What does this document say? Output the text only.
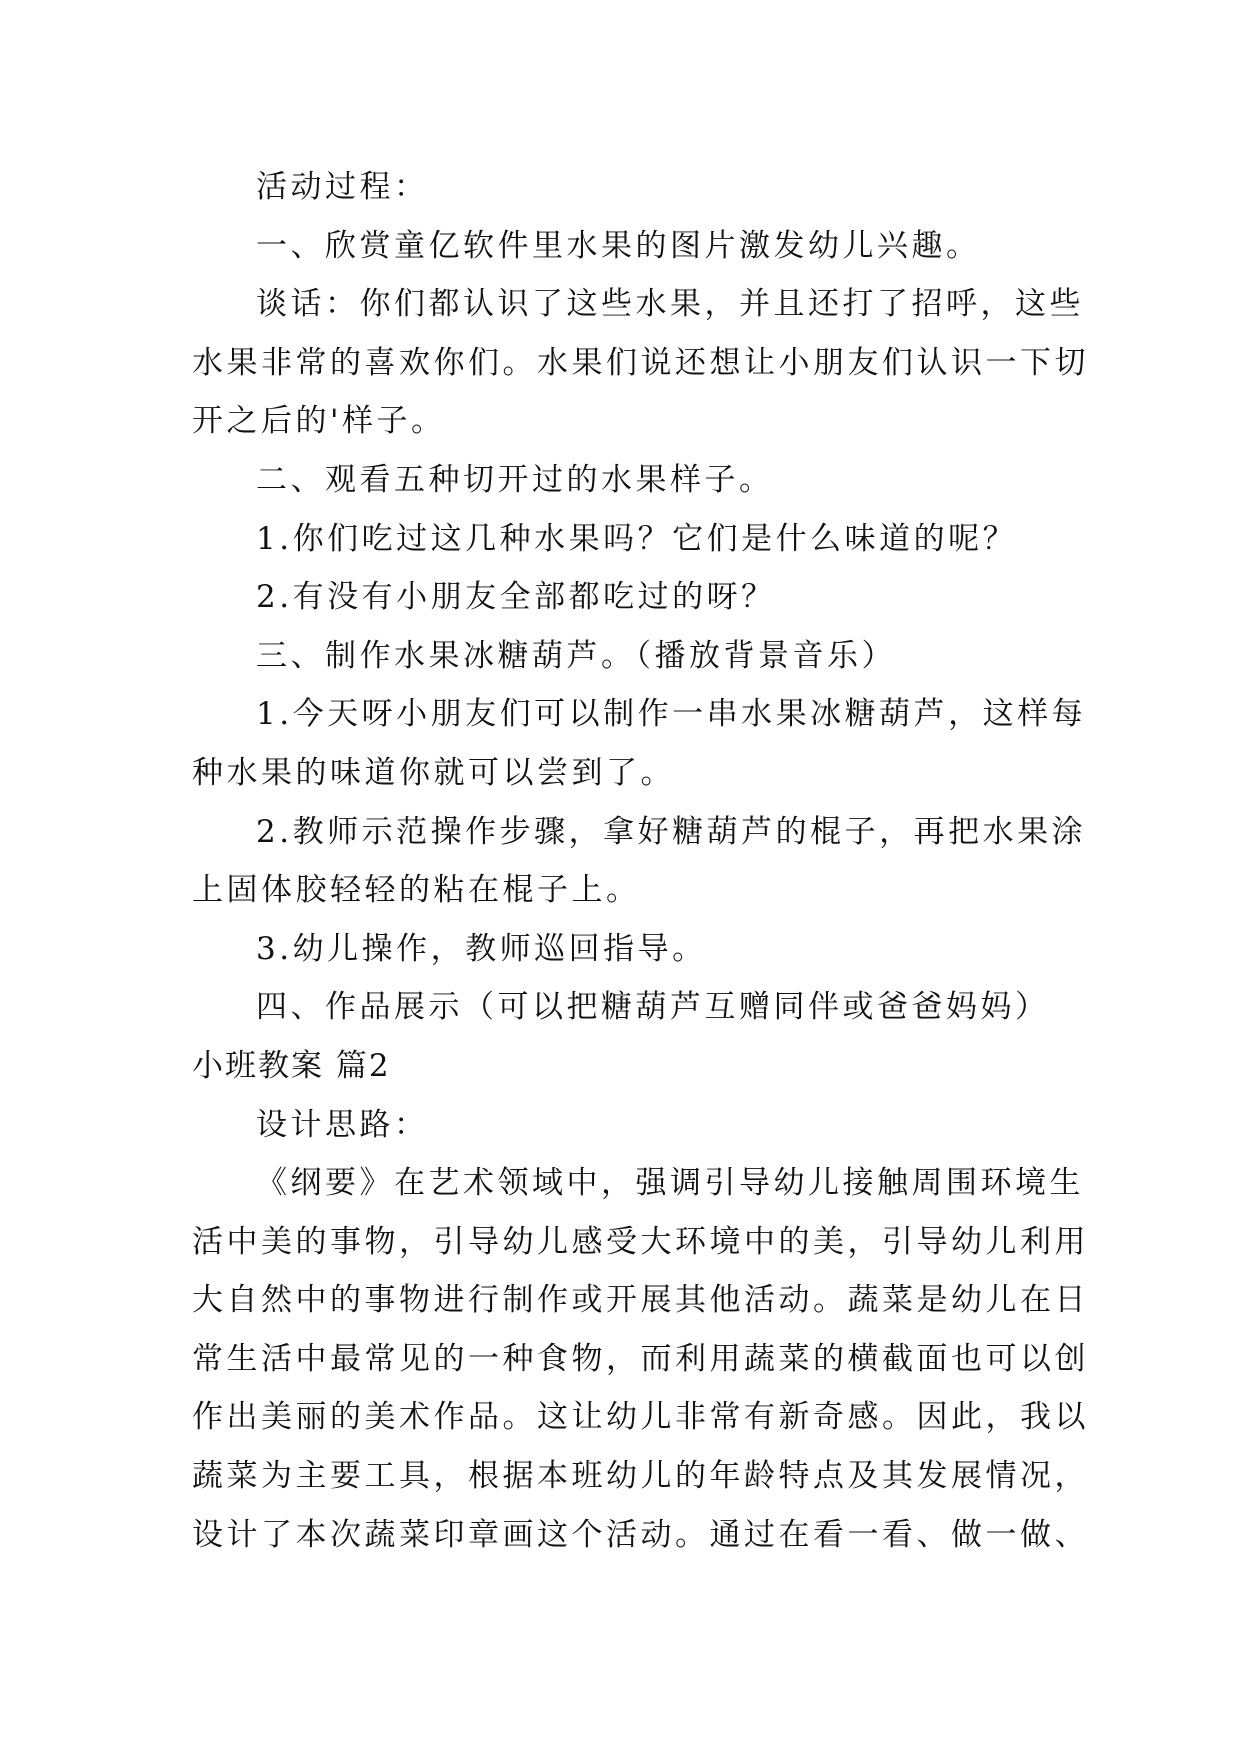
活动过程：
一、欣赏童亿软件里水果的图片激发幼儿兴趣。
谈话：你们都认识了这些水果，并且还打了招呼，这些
水果非常的喜欢你们。水果们说还想让小朋友们认识一下切
开之后的'样子。
二、观看五种切开过的水果样子。
1.你们吃过这几种水果吗？它们是什么味道的呢？
2.有没有小朋友全部都吃过的呀？
三、制作水果冰糖葫芦。（播放背景音乐）
1.今天呀小朋友们可以制作一串水果冰糖葫芦，这样每
种水果的味道你就可以尝到了。
2.教师示范操作步骤，拿好糖葫芦的棍子，再把水果涂
上固体胶轻轻的粘在棍子上。
3.幼儿操作，教师巡回指导。
四、作品展示（可以把糖葫芦互赠同伴或爸爸妈妈）
小班教案 篇2
设计思路：
《纲要》在艺术领域中，强调引导幼儿接触周围环境生
活中美的事物，引导幼儿感受大环境中的美，引导幼儿利用
大自然中的事物进行制作或开展其他活动。蔬菜是幼儿在日
常生活中最常见的一种食物，而利用蔬菜的横截面也可以创
作出美丽的美术作品。这让幼儿非常有新奇感。因此，我以
蔬菜为主要工具，根据本班幼儿的年龄特点及其发展情况，
设计了本次蔬菜印章画这个活动。通过在看一看、做一做、
